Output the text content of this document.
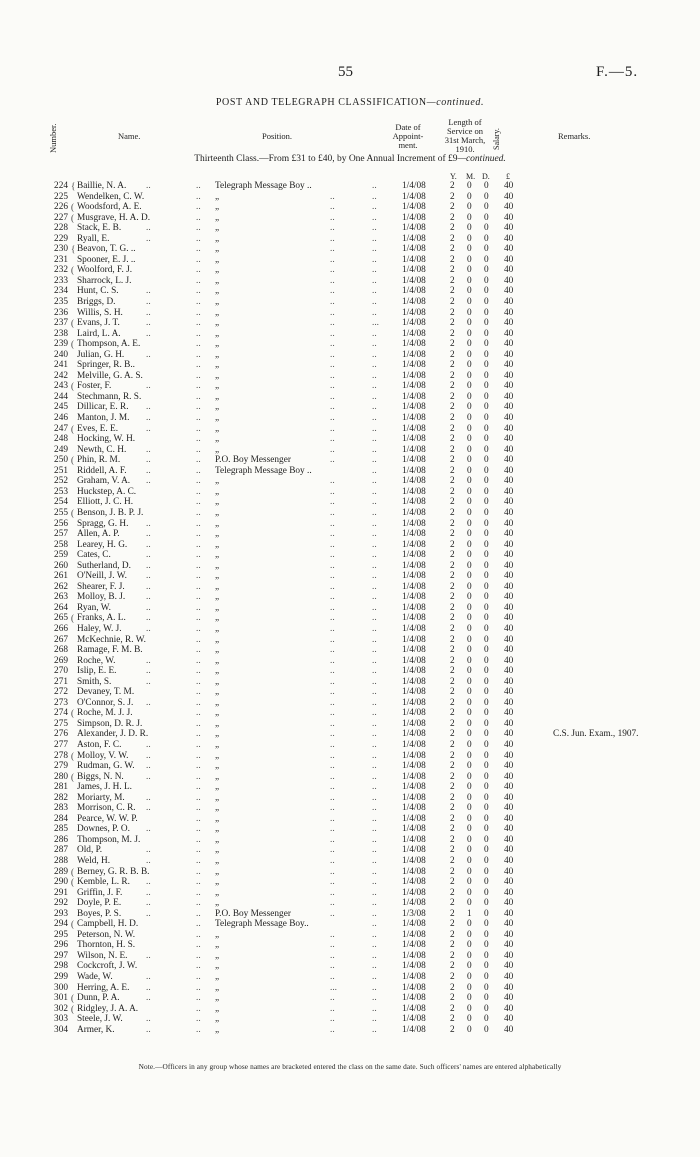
55	F.—5.
POST AND TELEGRAPH CLASSIFICATION—continued.
Number.	Name.	Position.
Date of
Appoint-
ment.
Length of
Service on
31st March,
1910.	Salary.	Remarks.
Thirteenth Class.—From £31 to £40, by One Annual Increment of £9—continued.
Y. M. D. £
224 { Baillie, N. A. ..	.. Telegraph Message Boy ..	..	1/4/08	2 0 0 40
225 Wendelken, C. W.	.. „	..	..	1/4/08	2 0 0 40
226 ( Woodsford, A. E.	.. „	..	..	1/4/08	2 0 0 40
227 ( Musgrave, H. A. D.	.. „	..	..	1/4/08	2 0 0 40
228 Stack, E. B.	..	.. „	..	..	1/4/08	2 0 0 40
229 Ryall, E.	..	.. „	..	..	1/4/08	2 0 0 40
230 { Beavon, T. G. ..	.. „	..	..	1/4/08	2 0 0 40
231 Spooner, E. J. ..	.. „	..	..	1/4/08	2 0 0 40
232 ( Woolford, F. J.	.. „	..	..	1/4/08	2 0 0 40
233 Sharrock, L. J.	.. „	..	..	1/4/08	2 0 0 40
234 Hunt, C. S.	..	.. „	..	..	1/4/08	2 0 0 40
235 Briggs, D.	..	.. „	..	..	1/4/08	2 0 0 40
236 Willis, S. H. ..	.. „	..	..	1/4/08	2 0 0 40
237 ( Evans, J. T.	..	.. „	..	... 1/4/08	2 0 0 40
238 Laird, L. A.	..	.. „	..	..	1/4/08	2 0 0 40
239 ( Thompson, A. E.	.. „	..	..	1/4/08	2 0 0 40
240 Julian, G. H. ..	.. „	..	..	1/4/08	2 0 0 40
241 Springer, R. B..	.. „	..	..	1/4/08	2 0 0 40
242 Melville, G. A. S.	.. „	..	..	1/4/08	2 0 0 40
243 ( Foster, F.	..	.. „	..	..	1/4/08	2 0 0 40
244 Stechmann, R. S.	.. „	..	..	1/4/08	2 0 0 40
245 Dillicar, E. R. ..	.. „	..	..	1/4/08	2 0 0 40
246 Manton, J. M. ..	.. „	..	..	1/4/08	2 0 0 40
247 ( Eves, E. E.	..	.. „	..	..	1/4/08	2 0 0 40
248 Hocking, W. H.	.. „	..	..	1/4/08	2 0 0 40
249 Newth, C. H. ..	.. „	..	..	1/4/08	2 0 0 40
250 ( Phin, R. M.	..	.. P.O. Boy Messenger	..	..	1/4/08	2 0 0 40
251 Riddell, A. F. ..	.. Telegraph Message Boy ..	..	1/4/08	2 0 0 40
252 Graham, V. A. ..	.. „	..	..	1/4/08	2 0 0 40
253 Huckstep, A. C.	.. „	..	..	1/4/08	2 0 0 40
254 Elliott, J. C. H.	.. „	..	..	1/4/08	2 0 0 40
255 ( Benson, J. B. P. J.	.. „	..	..	1/4/08	2 0 0 40
256 Spragg, G. H. ..	.. „	..	..	1/4/08	2 0 0 40
257 Allen, A. P.	..	.. „	..	..	1/4/08	2 0 0 40
258 Learey, H. G. ..	.. „	..	..	1/4/08	2 0 0 40
259 Cates, C.	..	.. „	..	..	1/4/08	2 0 0 40
260 Sutherland, D. ..	.. „	..	..	1/4/08	2 0 0 40
261 O'Neill, J. W. ..	.. „	..	..	1/4/08	2 0 0 40
262 Shearer, F. J. ..	.. „	..	..	1/4/08	2 0 0 40
263 Molloy, B. J. ..	.. „	..	..	1/4/08	2 0 0 40
264 Ryan, W.	..	.. „	..	..	1/4/08	2 0 0 40
265 ( Franks, A. L. ..	.. „	..	..	1/4/08	2 0 0 40
266 Haley, W. J.	..	.. „	..	..	1/4/08	2 0 0 40
267 McKechnie, R. W.	.. „	..	..	1/4/08	2 0 0 40
268 Ramage, F. M. B.	.. „	..	..	1/4/08	2 0 0 40
269 Roche, W.	..	.. „	..	..	1/4/08	2 0 0 40
270 Islip, E. E.	..	.. „	..	..	1/4/08	2 0 0 40
271 Smith, S.	..	.. „	..	..	1/4/08	2 0 0 40
272 Devaney, T. M.	.. „	..	..	1/4/08	2 0 0 40
273 O'Connor, S. J. ..	.. „	..	..	1/4/08	2 0 0 40
274 ( Roche, M. J. J.	.. „	..	..	1/4/08	2 0 0 40
275 Simpson, D. R. J.	.. „	..	..	1/4/08	2 0 0 40
276 Alexander, J. D. R.	.. „	..	..	1/4/08	2 0 0 40	C.S. Jun. Exam., 1907.
277 Aston, F. C.	..	.. „	..	..	1/4/08	2 0 0 40
278 ( Molloy, V. W. ..	.. „	..	..	1/4/08	2 0 0 40
279 Rudman, G. W. ..	.. „	..	..	1/4/08	2 0 0 40
280 ( Biggs, N. N. ..	.. „	..	..	1/4/08	2 0 0 40
281 James, J. H. L.	.. „	..	..	1/4/08	2 0 0 40
282 Moriarty, M. ..	.. „	..	..	1/4/08	2 0 0 40
283 Morrison, C. R. ..	.. „	..	..	1/4/08	2 0 0 40
284 Pearce, W. W. P.	.. „	..	..	1/4/08	2 0 0 40
285 Downes, P. O. ..	.. „	..	..	1/4/08	2 0 0 40
286 Thompson, M. J.	.. „	..	..	1/4/08	2 0 0 40
287 Old, P.	..	.. „	..	..	1/4/08	2 0 0 40
288 Weld, H.	..	.. „	..	..	1/4/08	2 0 0 40
289 ( Berney, G. R. B. B.	.. „	..	..	1/4/08	2 0 0 40
290 ( Kemble, L. R. ..	.. „	..	..	1/4/08	2 0 0 40
291 Griffin, J. F.	..	.. „	..	..	1/4/08	2 0 0 40
292 Doyle, P. E.	..	.. „	..	..	1/4/08	2 0 0 40
293 Boyes, P. S.	..	.. P.O. Boy Messenger	..	..	1/3/08	2 1 0 40
294 ( Campbell, H. D.	.. Telegraph Message Boy..	..	1/4/08	2 0 0 40
295 Peterson, N. W.	.. „	..	..	1/4/08	2 0 0 40
296 Thornton, H. S.	.. „	..	..	1/4/08	2 0 0 40
297 Wilson, N. E. ..	.. „	..	..	1/4/08	2 0 0 40
298 Cockcroft, J. W.	.. „	..	..	1/4/08	2 0 0 40
299 Wade, W.	..	.. „	..	..	1/4/08	2 0 0 40
300 Herring, A. E. ..	.. „	...	..	1/4/08	2 0 0 40
301 ( Dunn, P. A.	..	.. „	..	..	1/4/08	2 0 0 40
302 ( Ridgley, J. A. A.	.. „	..	..	1/4/08	2 0 0 40
303 Steele, J. W.	..	.. „	..	..	1/4/08	2 0 0 40
304 Armer, K.	..	.. „	..	..	1/4/08	2 0 0 40
Note.—Officers in any group whose names are bracketed entered the class on the same date. Such officers' names are entered alphabetically
